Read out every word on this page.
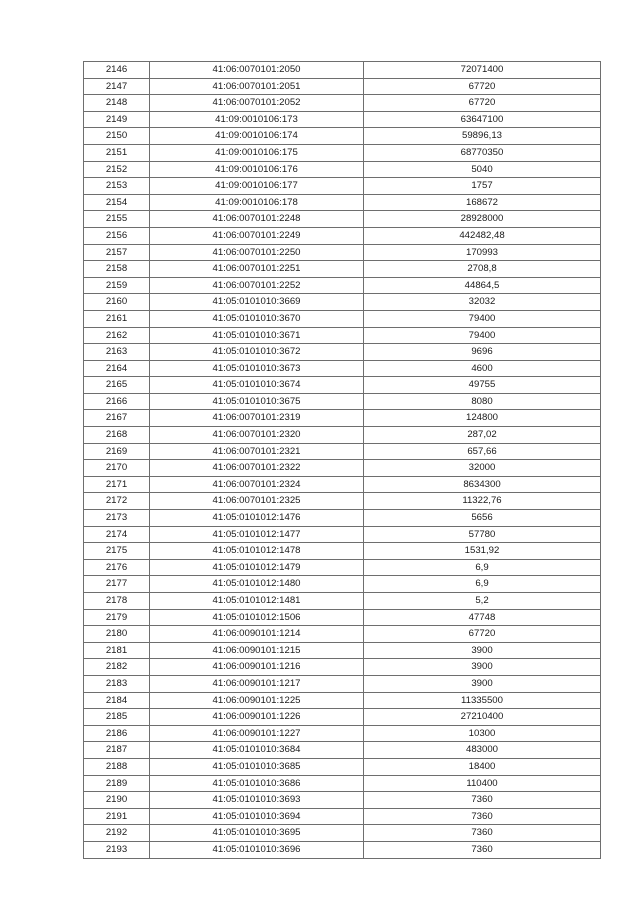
2146	41:06:0070101:2050	72071400
2147	41:06:0070101:2051	67720
2148	41:06:0070101:2052	67720
2149	41:09:0010106:173	63647100
2150	41:09:0010106:174	59896,13
2151	41:09:0010106:175	68770350
2152	41:09:0010106:176	5040
2153	41:09:0010106:177	1757
2154	41:09:0010106:178	168672
2155	41:06:0070101:2248	28928000
2156	41:06:0070101:2249	442482,48
2157	41:06:0070101:2250	170993
2158	41:06:0070101:2251	2708,8
2159	41:06:0070101:2252	44864,5
2160	41:05:0101010:3669	32032
2161	41:05:0101010:3670	79400
2162	41:05:0101010:3671	79400
2163	41:05:0101010:3672	9696
2164	41:05:0101010:3673	4600
2165	41:05:0101010:3674	49755
2166	41:05:0101010:3675	8080
2167	41:06:0070101:2319	124800
2168	41:06:0070101:2320	287,02
2169	41:06:0070101:2321	657,66
2170	41:06:0070101:2322	32000
2171	41:06:0070101:2324	8634300
2172	41:06:0070101:2325	11322,76
2173	41:05:0101012:1476	5656
2174	41:05:0101012:1477	57780
2175	41:05:0101012:1478	1531,92
2176	41:05:0101012:1479	6,9
2177	41:05:0101012:1480	6,9
2178	41:05:0101012:1481	5,2
2179	41:05:0101012:1506	47748
2180	41:06:0090101:1214	67720
2181	41:06:0090101:1215	3900
2182	41:06:0090101:1216	3900
2183	41:06:0090101:1217	3900
2184	41:06:0090101:1225	11335500
2185	41:06:0090101:1226	27210400
2186	41:06:0090101:1227	10300
2187	41:05:0101010:3684	483000
2188	41:05:0101010:3685	18400
2189	41:05:0101010:3686	110400
2190	41:05:0101010:3693	7360
2191	41:05:0101010:3694	7360
2192	41:05:0101010:3695	7360
2193	41:05:0101010:3696	7360
